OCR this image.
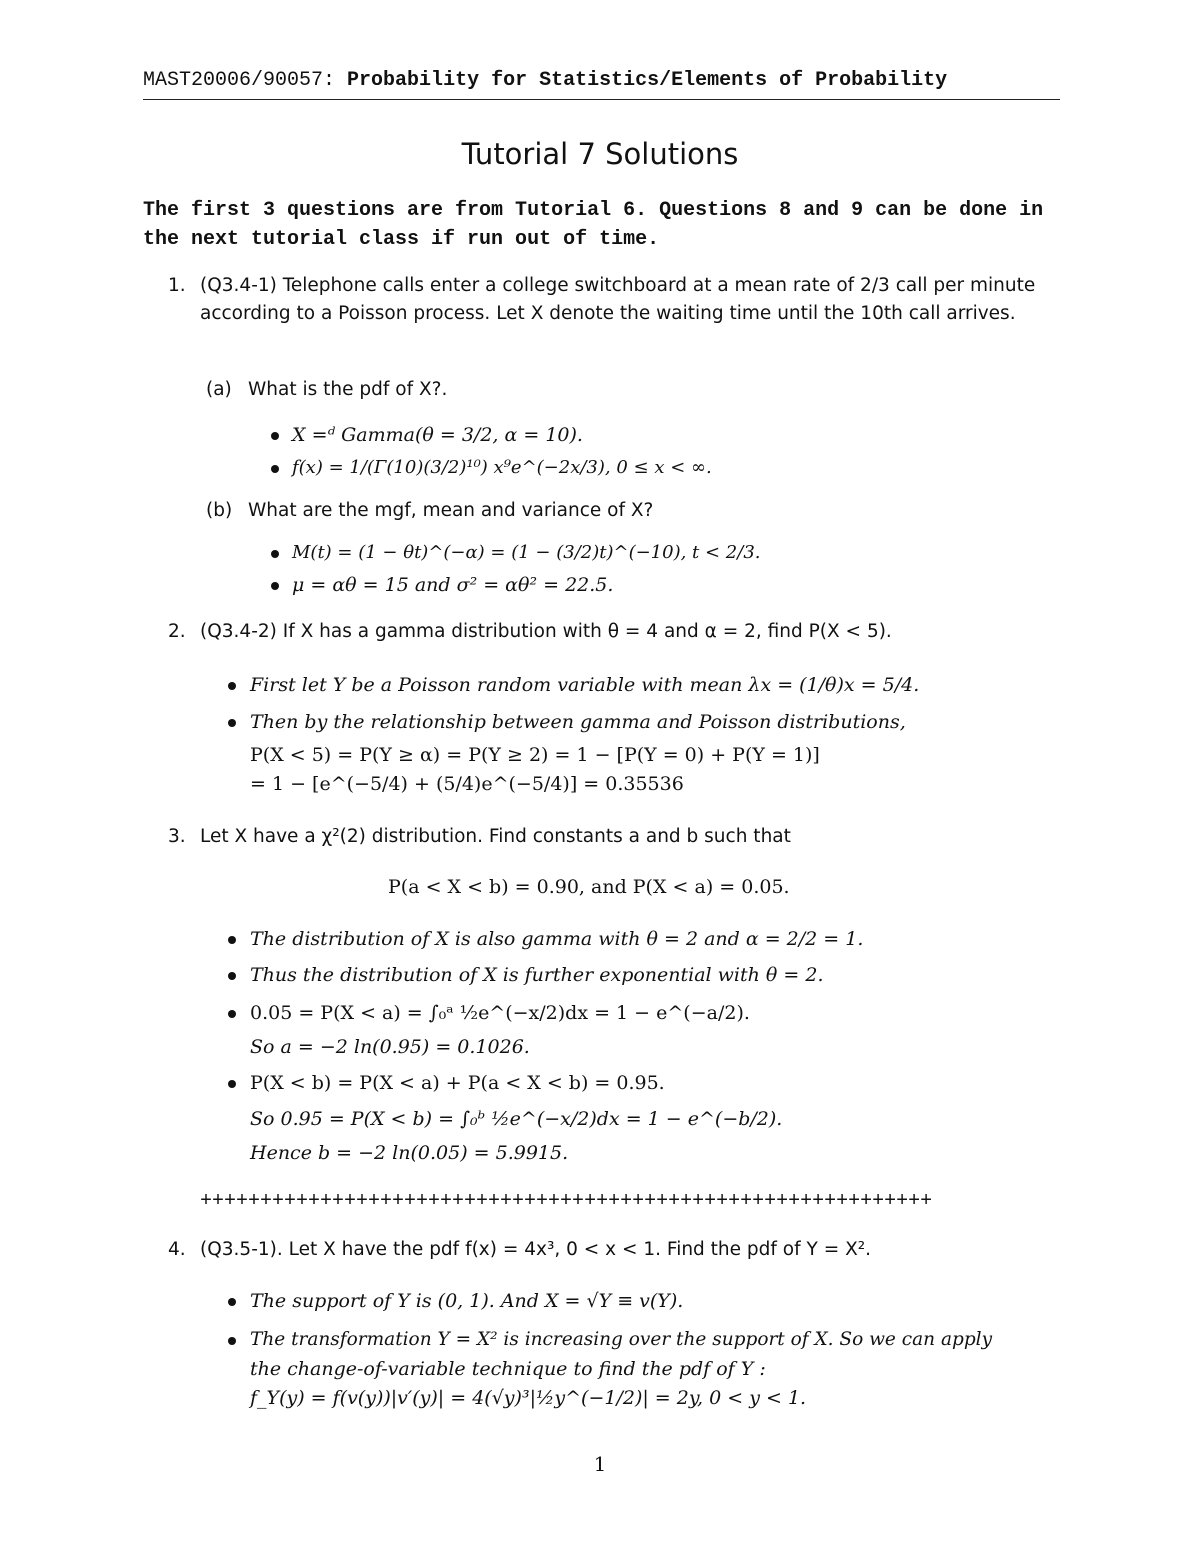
MAST20006/90057: Probability for Statistics/Elements of Probability
Tutorial 7 Solutions
The first 3 questions are from Tutorial 6. Questions 8 and 9 can be done in the next tutorial class if run out of time.
1. (Q3.4-1) Telephone calls enter a college switchboard at a mean rate of 2/3 call per minute according to a Poisson process. Let X denote the waiting time until the 10th call arrives.
(a) What is the pdf of X?.
X =ᵈ Gamma(θ = 3/2, α = 10).
f(x) = 1/(Γ(10)(3/2)¹⁰) x⁹e^(−2x/3), 0 ≤ x < ∞.
(b) What are the mgf, mean and variance of X?
M(t) = (1 − θt)^(−α) = (1 − (3/2)t)^(−10), t < 2/3.
μ = αθ = 15 and σ² = αθ² = 22.5.
2. (Q3.4-2) If X has a gamma distribution with θ = 4 and α = 2, find P(X < 5).
First let Y be a Poisson random variable with mean λx = (1/θ)x = 5/4.
Then by the relationship between gamma and Poisson distributions,
P(X < 5) = P(Y ≥ α) = P(Y ≥ 2) = 1 − [P(Y = 0) + P(Y = 1)]
= 1 − [e^(−5/4) + (5/4)e^(−5/4)] = 0.35536
3. Let X have a χ²(2) distribution. Find constants a and b such that
P(a < X < b) = 0.90, and P(X < a) = 0.05.
The distribution of X is also gamma with θ = 2 and α = 2/2 = 1.
Thus the distribution of X is further exponential with θ = 2.
0.05 = P(X < a) = ∫₀ᵃ ½e^(−x/2)dx = 1 − e^(−a/2).
So a = −2 ln(0.95) = 0.1026.
P(X < b) = P(X < a) + P(a < X < b) = 0.95.
So 0.95 = P(X < b) = ∫₀ᵇ ½e^(−x/2)dx = 1 − e^(−b/2).
Hence b = −2 ln(0.05) = 5.9915.
+++++++++++++++++++++++++++++++++++++++++++++++++++++++++++++
4. (Q3.5-1). Let X have the pdf f(x) = 4x³, 0 < x < 1. Find the pdf of Y = X².
The support of Y is (0, 1). And X = √Y ≡ v(Y).
The transformation Y = X² is increasing over the support of X. So we can apply
the change-of-variable technique to find the pdf of Y :
f_Y(y) = f(v(y))|v′(y)| = 4(√y)³|½y^(−1/2)| = 2y, 0 < y < 1.
1
